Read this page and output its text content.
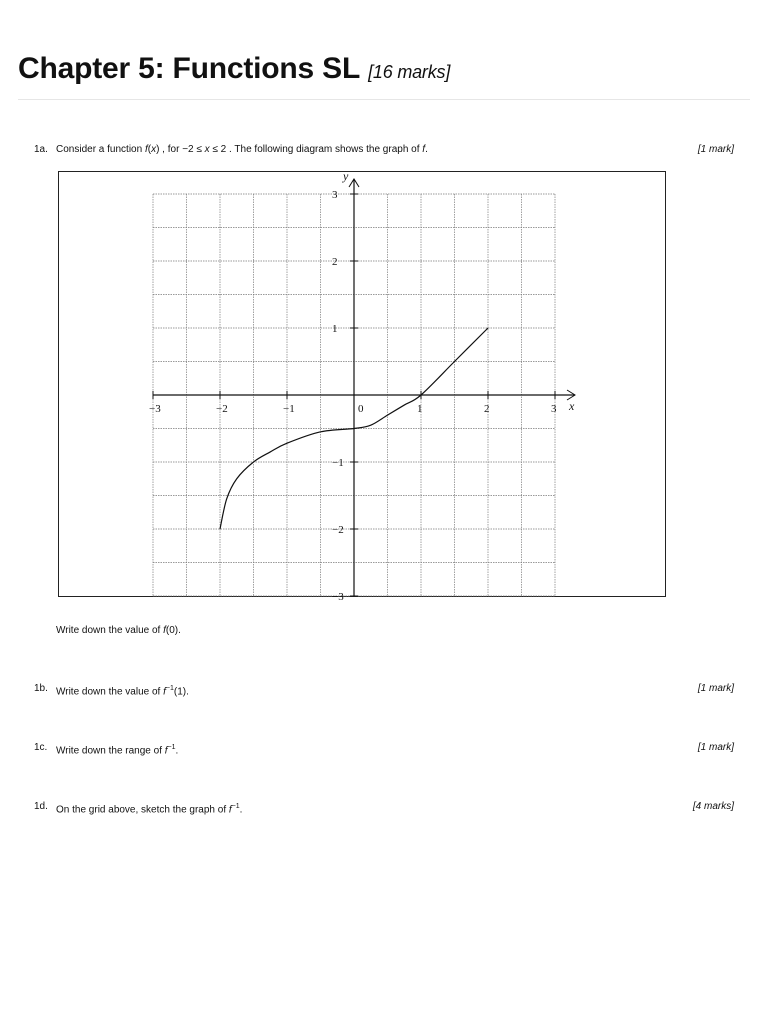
Chapter 5: Functions SL [16 marks]
1a. Consider a function f(x) , for −2 ≤ x ≤ 2 . The following diagram shows the graph of f.	[1 mark]
−3	−2	−1	0	1	2	3
−3
−2
−1
1
2
3
x
y
Write down the value of f(0).
1b. Write down the value of $f^{-1}(1)$.	[1 mark]
1c. Write down the range of $f^{-1}$.	[1 mark]
1d. On the grid above, sketch the graph of $f^{-1}$.	[4 marks]
